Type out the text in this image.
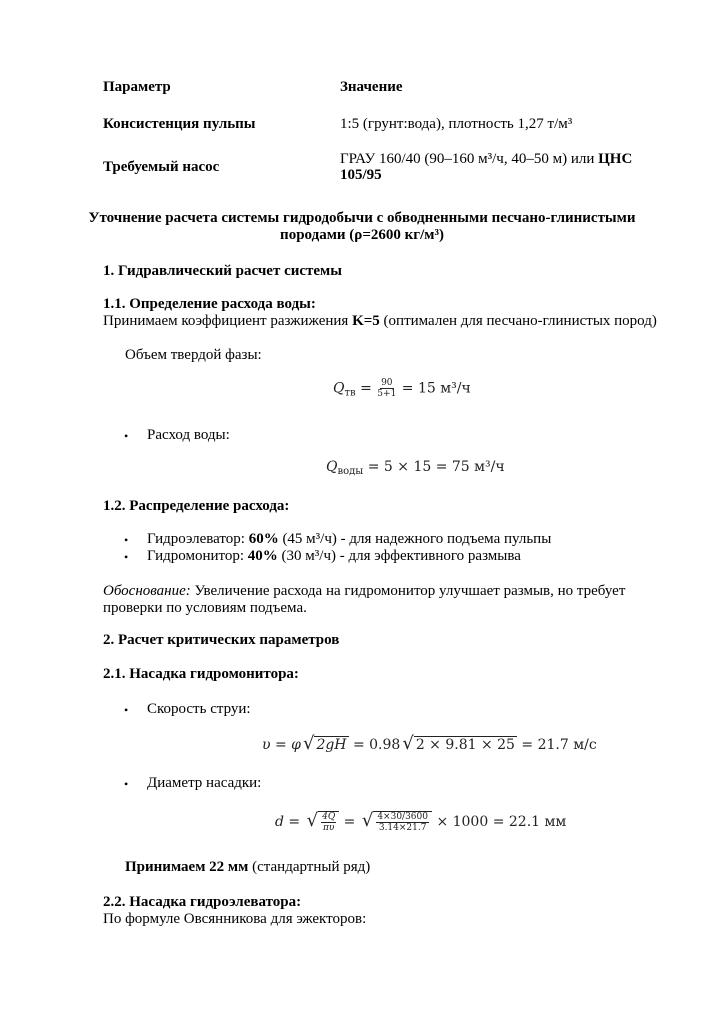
Параметр	Значение
Консистенция пульпы	1:5 (грунт:вода), плотность 1,27 т/м³
Требуемый насос	ГРАУ 160/40 (90–160 м³/ч, 40–50 м) или ЦНС
105/95
Уточнение расчета системы гидродобычи с обводненными песчано-глинистыми
породами (ρ=2600 кг/м³)
1. Гидравлический расчет системы
1.1. Определение расхода воды:
Принимаем коэффициент разжижения K=5 (оптимален для песчано-глинистых пород)
Объем твердой фазы:
$Q_{тв} = \frac{90}{5+1} = 15$ м³/ч
• Расход воды:
$Q_{воды} = 5 \times 15 = 75$ м³/ч
1.2. Распределение расхода:
• Гидроэлеватор: 60% (45 м³/ч) - для надежного подъема пульпы
• Гидромонитор: 40% (30 м³/ч) - для эффективного размыва
Обоснование: Увеличение расхода на гидромонитор улучшает размыв, но требует
проверки по условиям подъема.
2. Расчет критических параметров
2.1. Насадка гидромонитора:
• Скорость струи:
υ = φ √ 2gH = 0.98 √ 2 × 9.81 × 25 = 21.7 м/с
• Диаметр насадки:
d = √ $\frac{4Q}{\pi\upsilon}$ = √ $\frac{4\times 30/3600}{3.14\times 21.7} \times 1000 = 22.1$ мм
Принимаем 22 мм (стандартный ряд)
2.2. Насадка гидроэлеватора:
По формуле Овсянникова для эжекторов:
